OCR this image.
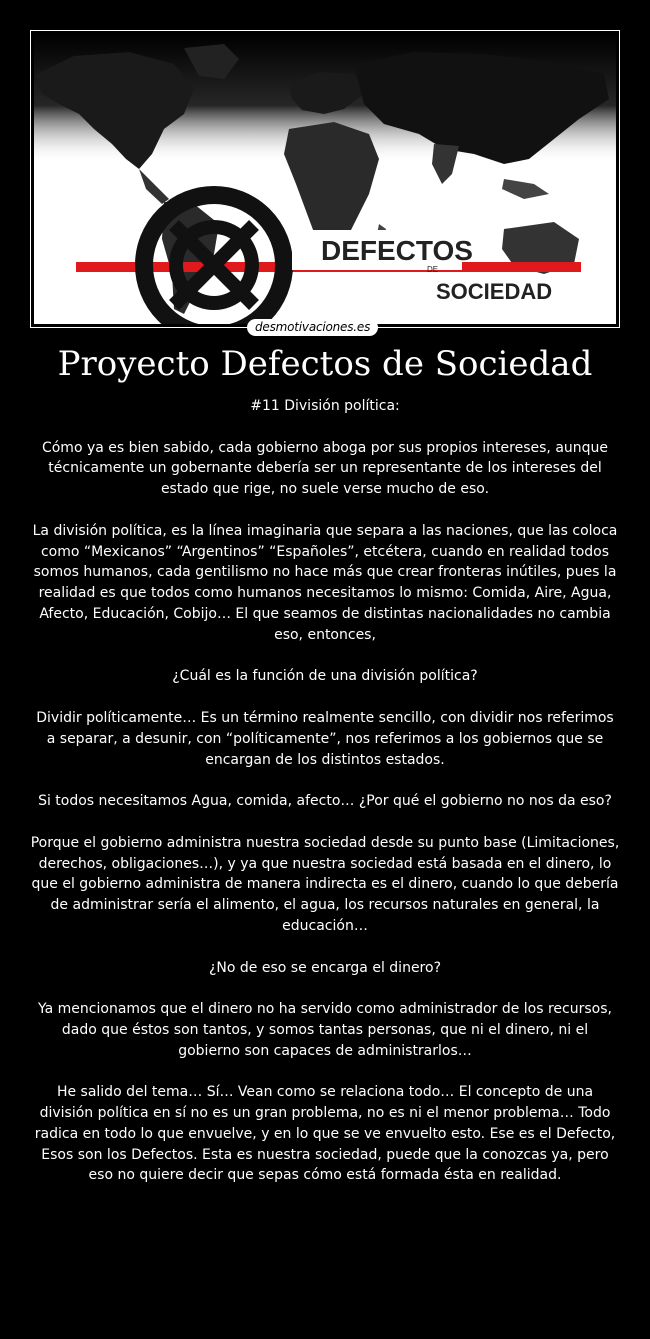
DEFECTOS
DE
SOCIEDAD
desmotivaciones.es
Proyecto Defectos de Sociedad

#11 División política:

Cómo ya es bien sabido, cada gobierno aboga por sus propios intereses, aunque técnicamente un gobernante debería ser un representante de los intereses del estado que rige, no suele verse mucho de eso.

La división política, es la línea imaginaria que separa a las naciones, que las coloca como “Mexicanos” “Argentinos” “Españoles”, etcétera, cuando en realidad todos somos humanos, cada gentilismo no hace más que crear fronteras inútiles, pues la realidad es que todos como humanos necesitamos lo mismo: Comida, Aire, Agua, Afecto, Educación, Cobijo… El que seamos de distintas nacionalidades no cambia eso, entonces,

¿Cuál es la función de una división política?

Dividir políticamente… Es un término realmente sencillo, con dividir nos referimos a separar, a desunir, con “políticamente”, nos referimos a los gobiernos que se encargan de los distintos estados.

Si todos necesitamos Agua, comida, afecto… ¿Por qué el gobierno no nos da eso?

Porque el gobierno administra nuestra sociedad desde su punto base (Limitaciones, derechos, obligaciones…), y ya que nuestra sociedad está basada en el dinero, lo que el gobierno administra de manera indirecta es el dinero, cuando lo que debería de administrar sería el alimento, el agua, los recursos naturales en general, la educación…

¿No de eso se encarga el dinero?

Ya mencionamos que el dinero no ha servido como administrador de los recursos, dado que éstos son tantos, y somos tantas personas, que ni el dinero, ni el gobierno son capaces de administrarlos…

He salido del tema… Sí… Vean como se relaciona todo… El concepto de una división política en sí no es un gran problema, no es ni el menor problema… Todo radica en todo lo que envuelve, y en lo que se ve envuelto esto. Ese es el Defecto, Esos son los Defectos. Esta es nuestra sociedad, puede que la conozcas ya, pero eso no quiere decir que sepas cómo está formada ésta en realidad.
